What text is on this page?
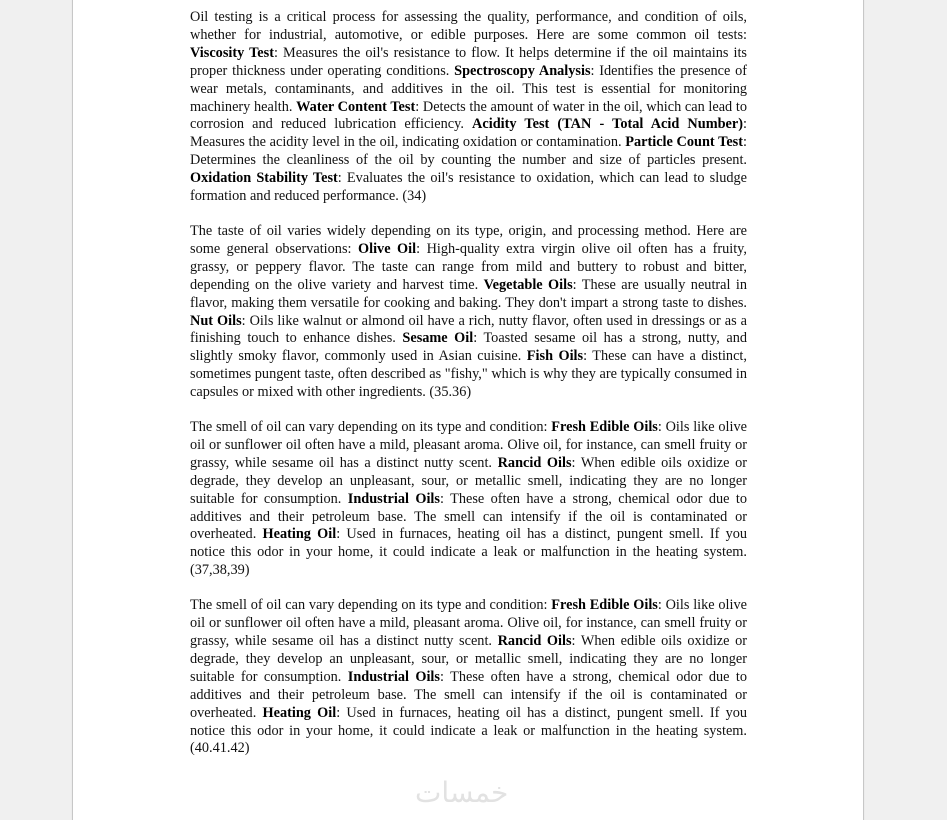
Oil testing is a critical process for assessing the quality, performance, and condition of oils, whether for industrial, automotive, or edible purposes. Here are some common oil tests: Viscosity Test: Measures the oil's resistance to flow. It helps determine if the oil maintains its proper thickness under operating conditions. Spectroscopy Analysis: Identifies the presence of wear metals, contaminants, and additives in the oil. This test is essential for monitoring machinery health. Water Content Test: Detects the amount of water in the oil, which can lead to corrosion and reduced lubrication efficiency. Acidity Test (TAN - Total Acid Number): Measures the acidity level in the oil, indicating oxidation or contamination. Particle Count Test: Determines the cleanliness of the oil by counting the number and size of particles present. Oxidation Stability Test: Evaluates the oil's resistance to oxidation, which can lead to sludge formation and reduced performance. (34)

The taste of oil varies widely depending on its type, origin, and processing method. Here are some general observations: Olive Oil: High-quality extra virgin olive oil often has a fruity, grassy, or peppery flavor. The taste can range from mild and buttery to robust and bitter, depending on the olive variety and harvest time. Vegetable Oils: These are usually neutral in flavor, making them versatile for cooking and baking. They don't impart a strong taste to dishes. Nut Oils: Oils like walnut or almond oil have a rich, nutty flavor, often used in dressings or as a finishing touch to enhance dishes. Sesame Oil: Toasted sesame oil has a strong, nutty, and slightly smoky flavor, commonly used in Asian cuisine. Fish Oils: These can have a distinct, sometimes pungent taste, often described as "fishy," which is why they are typically consumed in capsules or mixed with other ingredients. (35.36)

The smell of oil can vary depending on its type and condition: Fresh Edible Oils: Oils like olive oil or sunflower oil often have a mild, pleasant aroma. Olive oil, for instance, can smell fruity or grassy, while sesame oil has a distinct nutty scent. Rancid Oils: When edible oils oxidize or degrade, they develop an unpleasant, sour, or metallic smell, indicating they are no longer suitable for consumption. Industrial Oils: These often have a strong, chemical odor due to additives and their petroleum base. The smell can intensify if the oil is contaminated or overheated. Heating Oil: Used in furnaces, heating oil has a distinct, pungent smell. If you notice this odor in your home, it could indicate a leak or malfunction in the heating system. (37,38,39)

The smell of oil can vary depending on its type and condition: Fresh Edible Oils: Oils like olive oil or sunflower oil often have a mild, pleasant aroma. Olive oil, for instance, can smell fruity or grassy, while sesame oil has a distinct nutty scent. Rancid Oils: When edible oils oxidize or degrade, they develop an unpleasant, sour, or metallic smell, indicating they are no longer suitable for consumption. Industrial Oils: These often have a strong, chemical odor due to additives and their petroleum base. The smell can intensify if the oil is contaminated or overheated. Heating Oil: Used in furnaces, heating oil has a distinct, pungent smell. If you notice this odor in your home, it could indicate a leak or malfunction in the heating system. (40.41.42)

خمسات
